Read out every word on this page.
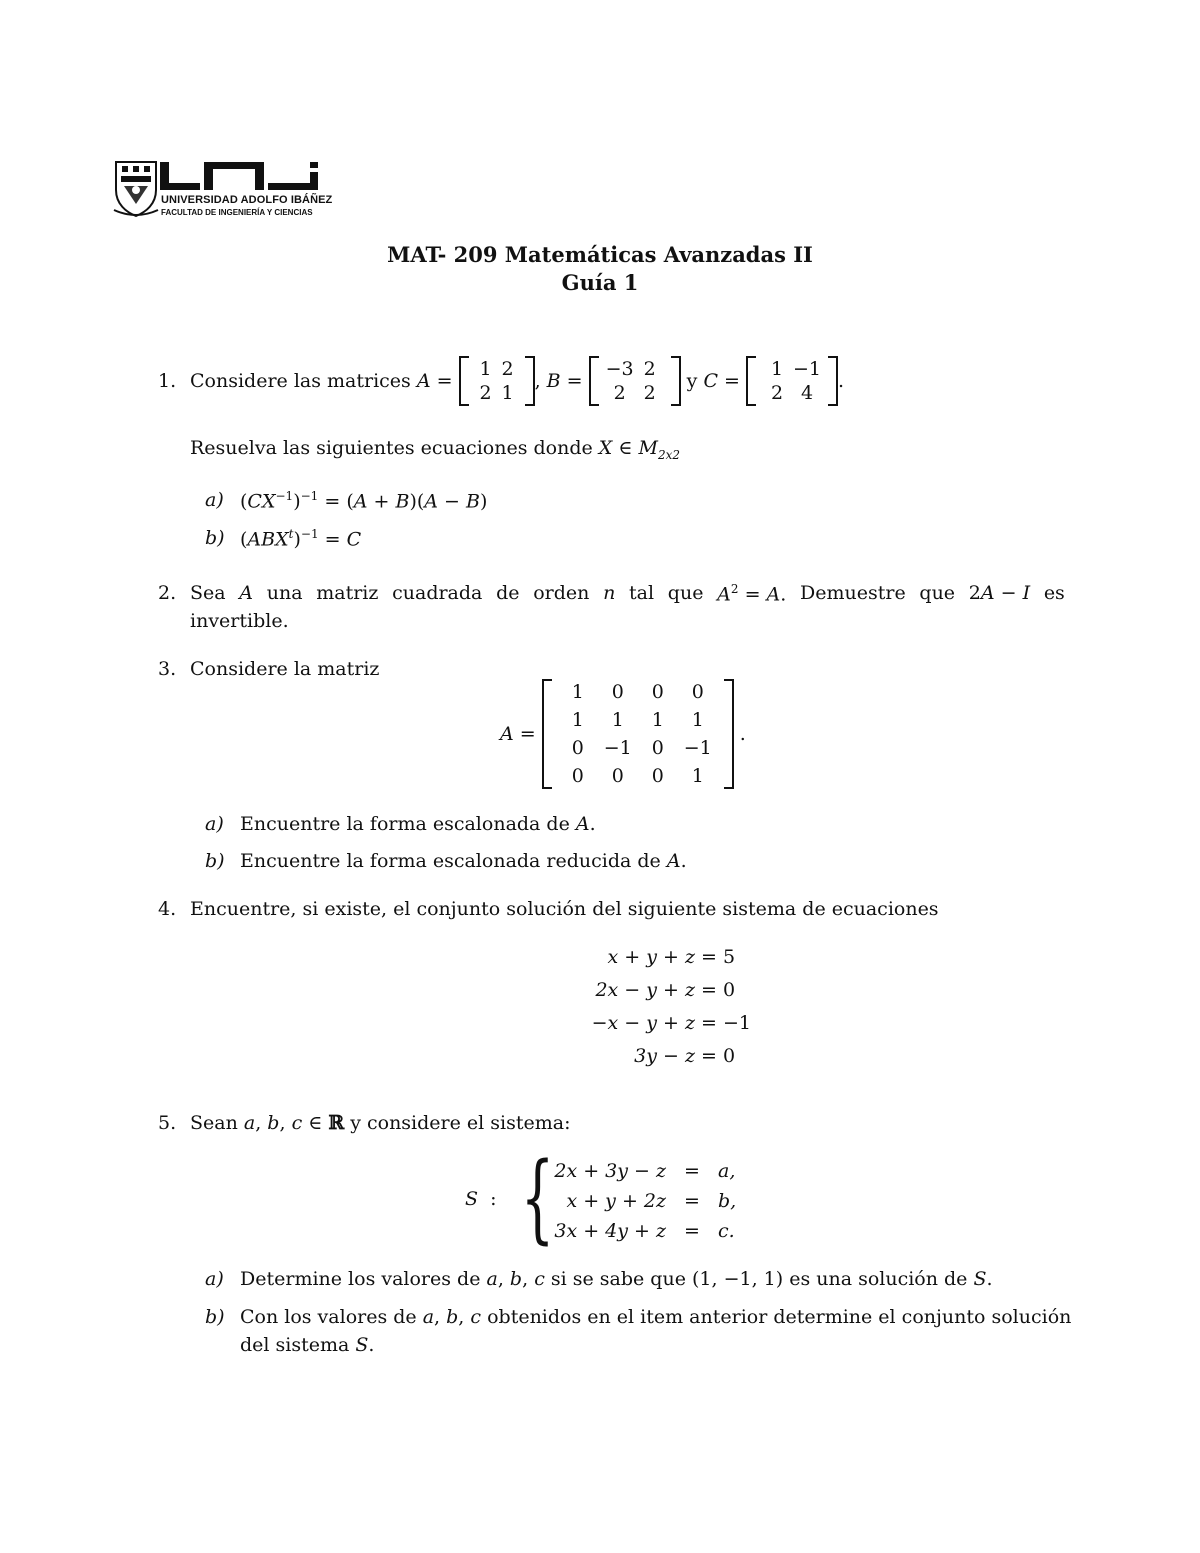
UNIVERSIDAD ADOLFO IBÁÑEZ
FACULTAD DE INGENIERÍA Y CIENCIAS
MAT- 209 Matemáticas Avanzadas II
Guía 1
1. Considere las matrices A =
1 2
2 1
, B =
−3 2
2 2
y C =
1 −1
2 4
.
Resuelva las siguientes ecuaciones donde X ∈ $M_{2x2}$
a) $(CX^{-1})^{-1} = (A + B)(A - B)$
b) $(ABX^t)^{-1} = C$
2. Sea A una matriz cuadrada de orden n tal que $A^2 = A$. Demuestre que 2A − I es
invertible.
3. Considere la matriz
A =
1	0	0	0
1	1	1	1
0	−1	0	−1
0	0	0	1
.
a) Encuentre la forma escalonada de A.
b) Encuentre la forma escalonada reducida de A.
4. Encuentre, si existe, el conjunto solución del siguiente sistema de ecuaciones
x + y + z = 5
2x − y + z = 0
−x − y + z = −1
3y − z = 0
5. Sean a, b, c ∈ ℝ y considere el sistema:
S  : { 2x + 3y − z = a,
x + y + 2z = b,
3x + 4y + z = c.
a) Determine los valores de a, b, c si se sabe que (1, −1, 1) es una solución de S.
b) Con los valores de a, b, c obtenidos en el item anterior determine el conjunto solución
del sistema S.
